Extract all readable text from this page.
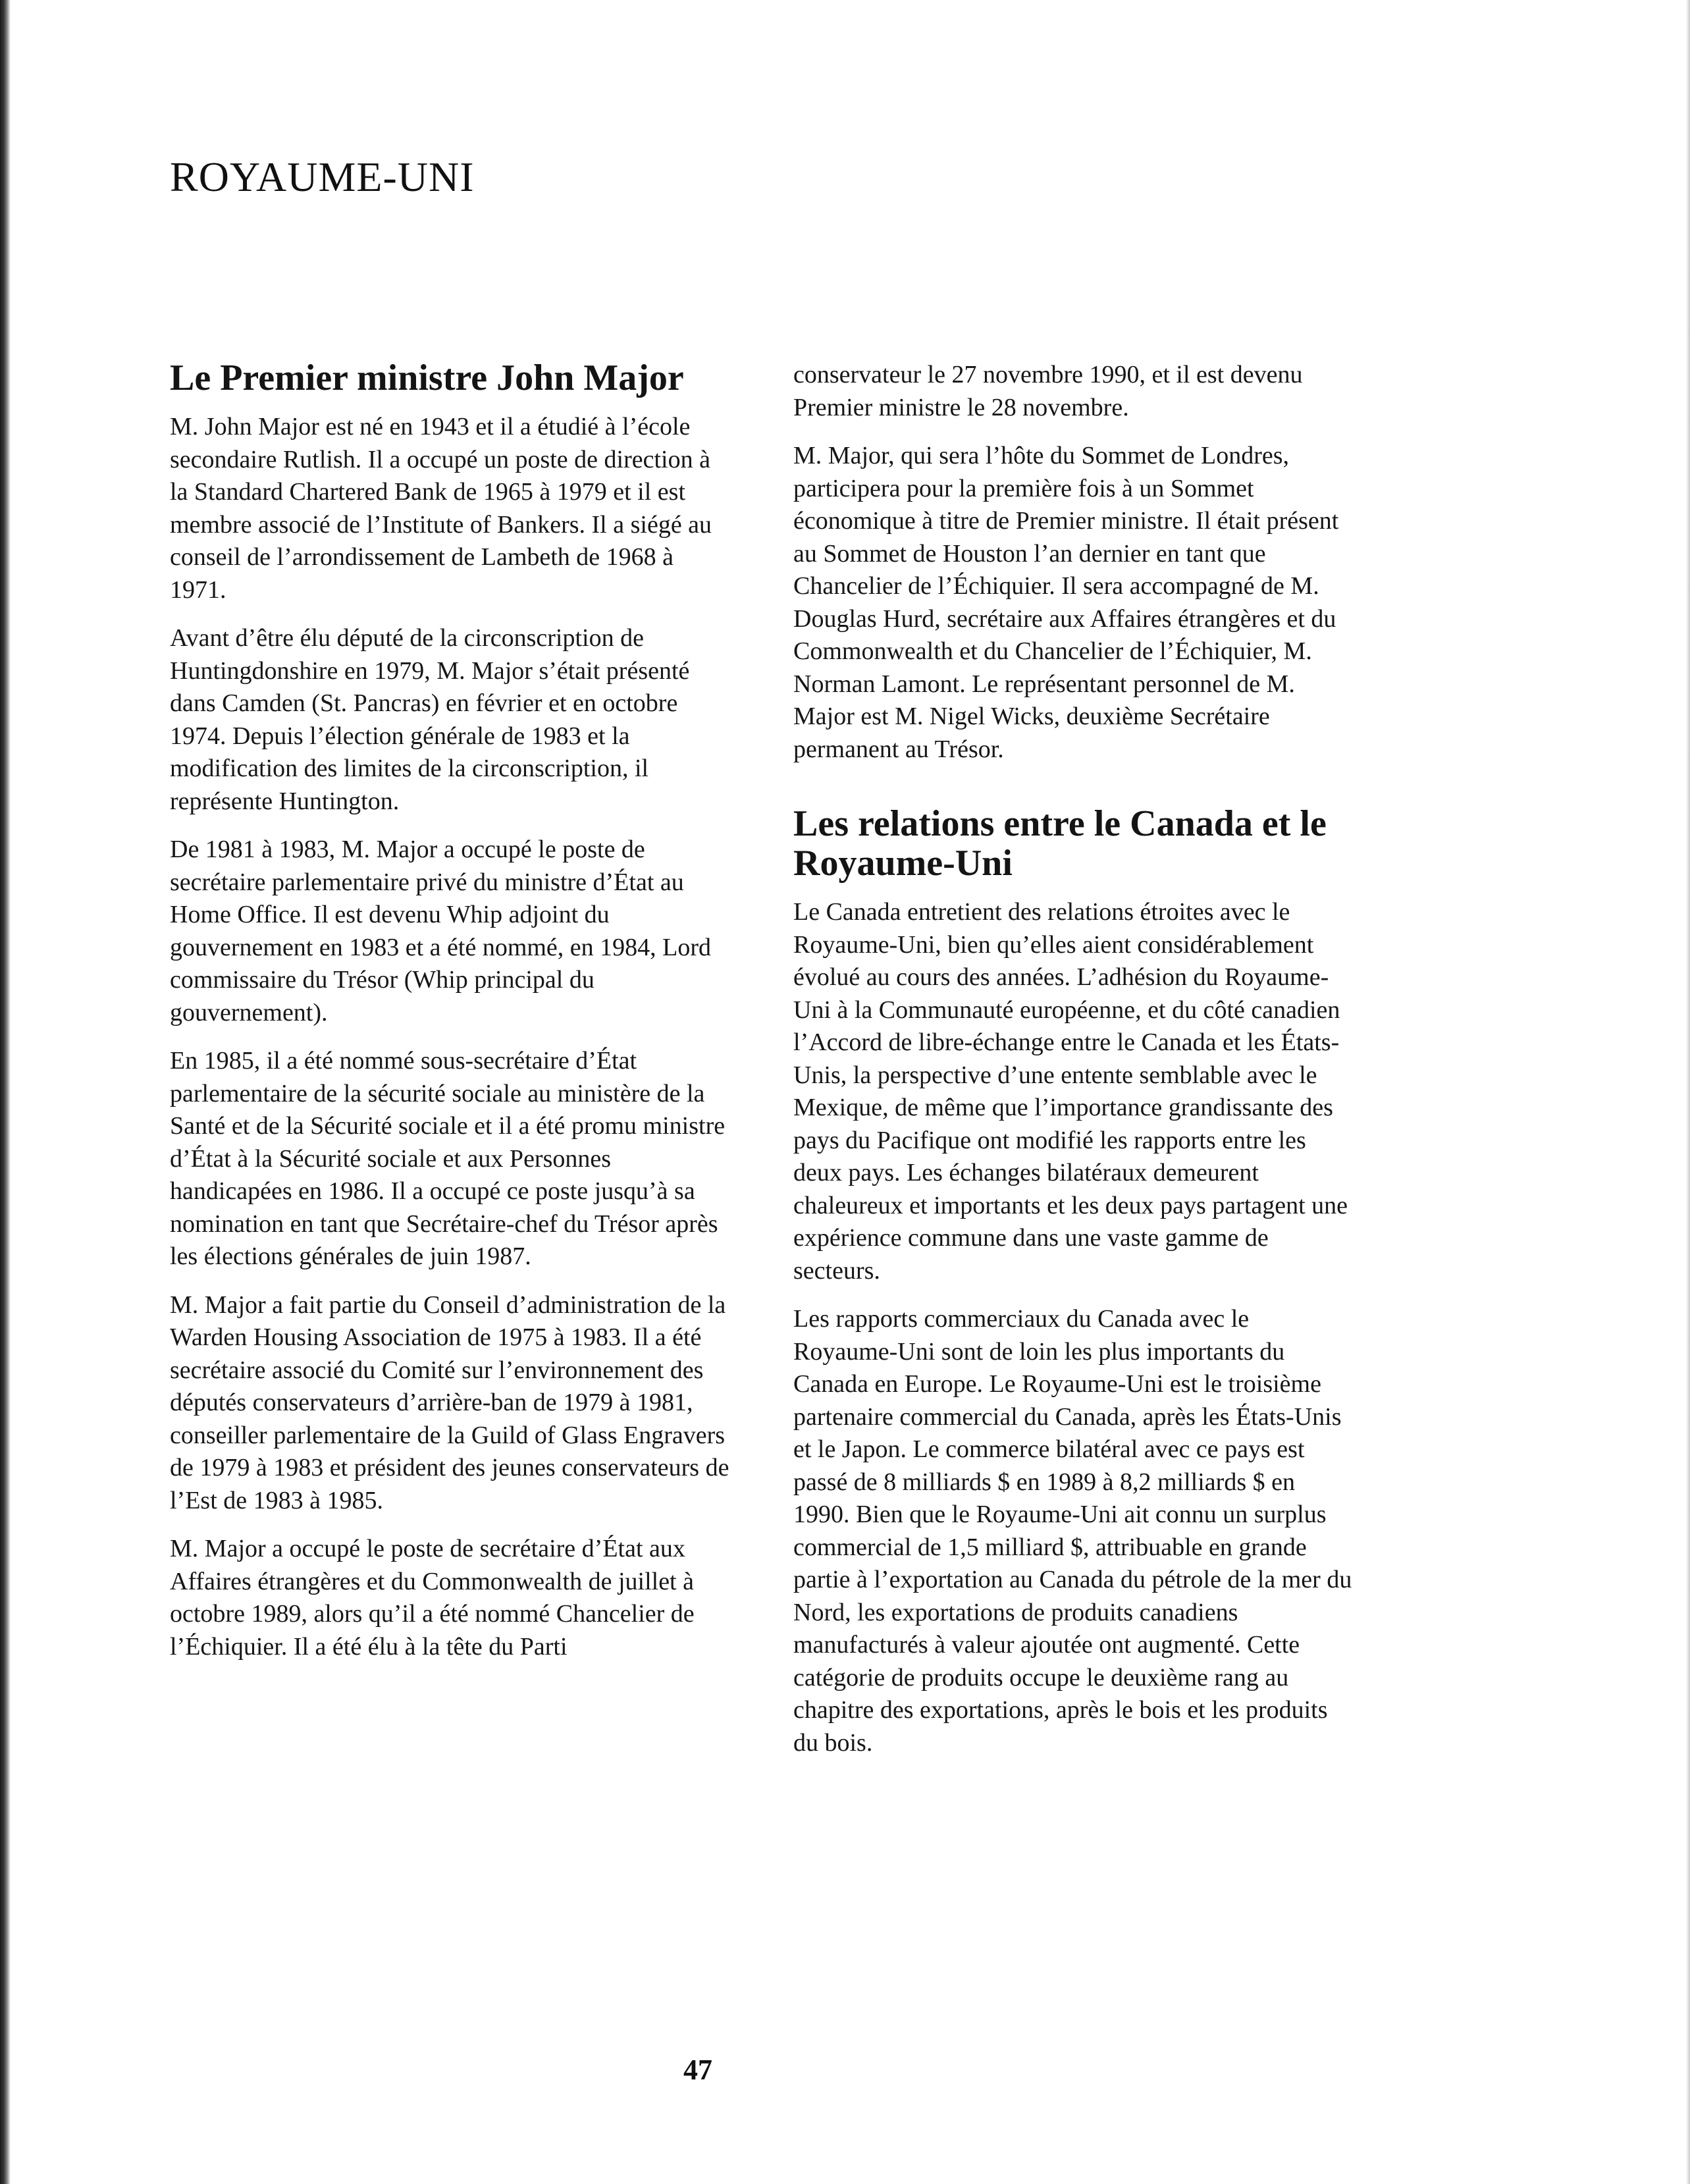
ROYAUME-UNI
Le Premier ministre John Major

M. John Major est né en 1943 et il a étudié à l’école secondaire Rutlish. Il a occupé un poste de direction à la Standard Chartered Bank de 1965 à 1979 et il est membre associé de l’Institute of Bankers. Il a siégé au conseil de l’arrondissement de Lambeth de 1968 à 1971.

Avant d’être élu député de la circonscription de Huntingdonshire en 1979, M. Major s’était présenté dans Camden (St. Pancras) en février et en octobre 1974. Depuis l’élection générale de 1983 et la modification des limites de la circonscription, il représente Huntington.

De 1981 à 1983, M. Major a occupé le poste de secrétaire parlementaire privé du ministre d’État au Home Office. Il est devenu Whip adjoint du gouvernement en 1983 et a été nommé, en 1984, Lord commissaire du Trésor (Whip principal du gouvernement).

En 1985, il a été nommé sous-secrétaire d’État parlementaire de la sécurité sociale au ministère de la Santé et de la Sécurité sociale et il a été promu ministre d’État à la Sécurité sociale et aux Personnes handicapées en 1986. Il a occupé ce poste jusqu’à sa nomination en tant que Secrétaire-chef du Trésor après les élections générales de juin 1987.

M. Major a fait partie du Conseil d’administration de la Warden Housing Association de 1975 à 1983. Il a été secrétaire associé du Comité sur l’environnement des députés conservateurs d’arrière-ban de 1979 à 1981, conseiller parlementaire de la Guild of Glass Engravers de 1979 à 1983 et président des jeunes conservateurs de l’Est de 1983 à 1985.

M. Major a occupé le poste de secrétaire d’État aux Affaires étrangères et du Commonwealth de juillet à octobre 1989, alors qu’il a été nommé Chancelier de l’Échiquier. Il a été élu à la tête du Parti

conservateur le 27 novembre 1990, et il est devenu Premier ministre le 28 novembre.

M. Major, qui sera l’hôte du Sommet de Londres, participera pour la première fois à un Sommet économique à titre de Premier ministre. Il était présent au Sommet de Houston l’an dernier en tant que Chancelier de l’Échiquier. Il sera accompagné de M. Douglas Hurd, secrétaire aux Affaires étrangères et du Commonwealth et du Chancelier de l’Échiquier, M. Norman Lamont. Le représentant personnel de M. Major est M. Nigel Wicks, deuxième Secrétaire permanent au Trésor.

Les relations entre le Canada et le Royaume-Uni

Le Canada entretient des relations étroites avec le Royaume-Uni, bien qu’elles aient considérablement évolué au cours des années. L’adhésion du Royaume-Uni à la Communauté européenne, et du côté canadien l’Accord de libre-échange entre le Canada et les États-Unis, la perspective d’une entente semblable avec le Mexique, de même que l’importance grandissante des pays du Pacifique ont modifié les rapports entre les deux pays. Les échanges bilatéraux demeurent chaleureux et importants et les deux pays partagent une expérience commune dans une vaste gamme de secteurs.

Les rapports commerciaux du Canada avec le Royaume-Uni sont de loin les plus importants du Canada en Europe. Le Royaume-Uni est le troisième partenaire commercial du Canada, après les États-Unis et le Japon. Le commerce bilatéral avec ce pays est passé de 8 milliards $ en 1989 à 8,2 milliards $ en 1990. Bien que le Royaume-Uni ait connu un surplus commercial de 1,5 milliard $, attribuable en grande partie à l’exportation au Canada du pétrole de la mer du Nord, les exportations de produits canadiens manufacturés à valeur ajoutée ont augmenté. Cette catégorie de produits occupe le deuxième rang au chapitre des exportations, après le bois et les produits du bois.

47
